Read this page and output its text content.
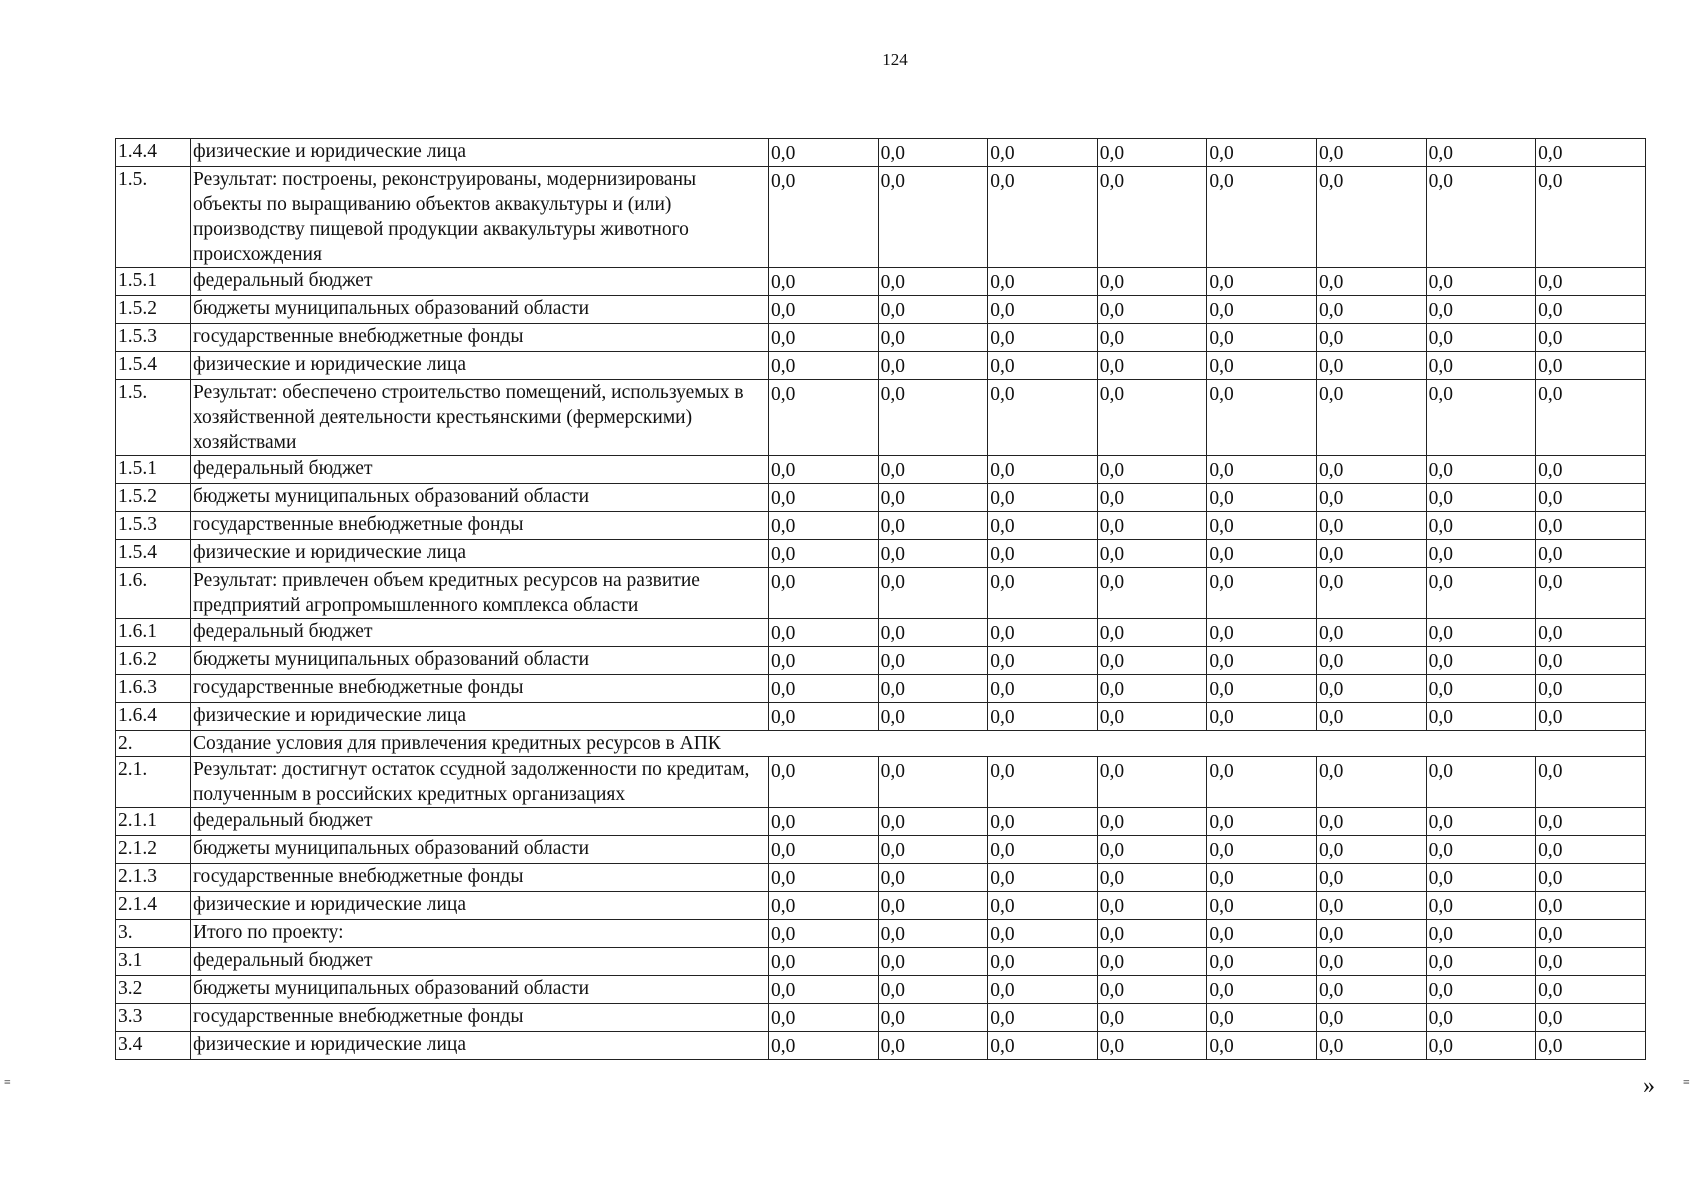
124
1.4.4	физические и юридические лица	0,0	0,0	0,0	0,0	0,0	0,0	0,0	0,0
1.5.	Результат: построены, реконструированы, модернизированы объекты по выращиванию объектов аквакультуры и (или) производству пищевой продукции аквакультуры животного происхождения	0,0	0,0	0,0	0,0	0,0	0,0	0,0	0,0
1.5.1	федеральный бюджет	0,0	0,0	0,0	0,0	0,0	0,0	0,0	0,0
1.5.2	бюджеты муниципальных образований области	0,0	0,0	0,0	0,0	0,0	0,0	0,0	0,0
1.5.3	государственные внебюджетные фонды	0,0	0,0	0,0	0,0	0,0	0,0	0,0	0,0
1.5.4	физические и юридические лица	0,0	0,0	0,0	0,0	0,0	0,0	0,0	0,0
1.5.	Результат: обеспечено строительство помещений, используемых в хозяйственной деятельности крестьянскими (фермерскими) хозяйствами	0,0	0,0	0,0	0,0	0,0	0,0	0,0	0,0
1.5.1	федеральный бюджет	0,0	0,0	0,0	0,0	0,0	0,0	0,0	0,0
1.5.2	бюджеты муниципальных образований области	0,0	0,0	0,0	0,0	0,0	0,0	0,0	0,0
1.5.3	государственные внебюджетные фонды	0,0	0,0	0,0	0,0	0,0	0,0	0,0	0,0
1.5.4	физические и юридические лица	0,0	0,0	0,0	0,0	0,0	0,0	0,0	0,0
1.6.	Результат: привлечен объем кредитных ресурсов на развитие предприятий агропромышленного комплекса области	0,0	0,0	0,0	0,0	0,0	0,0	0,0	0,0
1.6.1	федеральный бюджет	0,0	0,0	0,0	0,0	0,0	0,0	0,0	0,0
1.6.2	бюджеты муниципальных образований области	0,0	0,0	0,0	0,0	0,0	0,0	0,0	0,0
1.6.3	государственные внебюджетные фонды	0,0	0,0	0,0	0,0	0,0	0,0	0,0	0,0
1.6.4	физические и юридические лица	0,0	0,0	0,0	0,0	0,0	0,0	0,0	0,0
2.	Создание условия для привлечения кредитных ресурсов в АПК								
2.1.	Результат: достигнут остаток ссудной задолженности по кредитам, полученным в российских кредитных организациях	0,0	0,0	0,0	0,0	0,0	0,0	0,0	0,0
2.1.1	федеральный бюджет	0,0	0,0	0,0	0,0	0,0	0,0	0,0	0,0
2.1.2	бюджеты муниципальных образований области	0,0	0,0	0,0	0,0	0,0	0,0	0,0	0,0
2.1.3	государственные внебюджетные фонды	0,0	0,0	0,0	0,0	0,0	0,0	0,0	0,0
2.1.4	физические и юридические лица	0,0	0,0	0,0	0,0	0,0	0,0	0,0	0,0
3.	Итого по проекту:	0,0	0,0	0,0	0,0	0,0	0,0	0,0	0,0
3.1	федеральный бюджет	0,0	0,0	0,0	0,0	0,0	0,0	0,0	0,0
3.2	бюджеты муниципальных образований области	0,0	0,0	0,0	0,0	0,0	0,0	0,0	0,0
3.3	государственные внебюджетные фонды	0,0	0,0	0,0	0,0	0,0	0,0	0,0	0,0
3.4	физические и юридические лица	0,0	0,0	0,0	0,0	0,0	0,0	0,0	0,0
»
≡	≡
